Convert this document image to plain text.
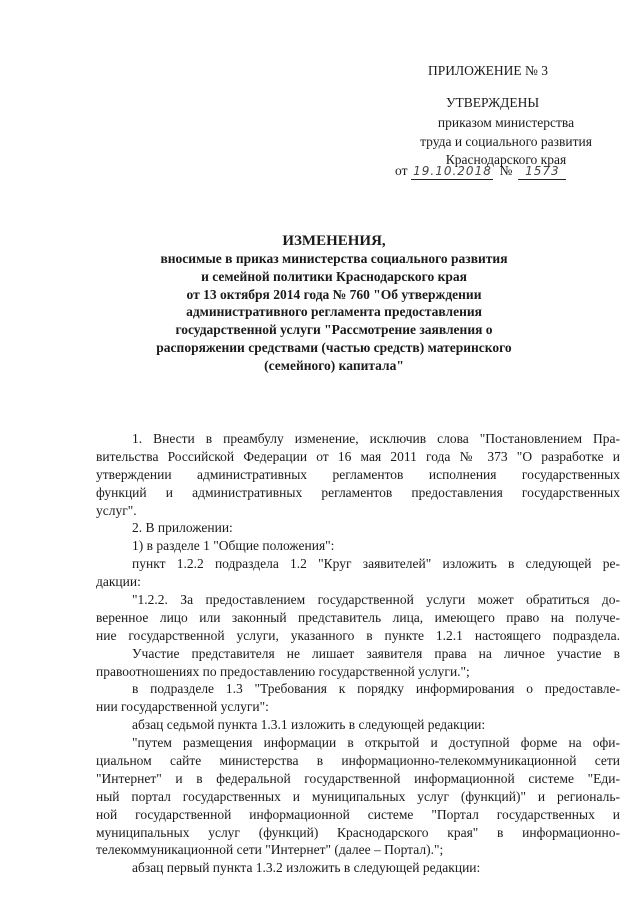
ПРИЛОЖЕНИЕ № 3
УТВЕРЖДЕНЫ
приказом министерства
труда и социального развития
Краснодарского края
от 19.10.2018 №	1573
ИЗМЕНЕНИЯ,
вносимые в приказ министерства социального развития
и семейной политики Краснодарского края
от 13 октября 2014 года № 760 "Об утверждении
административного регламента предоставления
государственной услуги "Рассмотрение заявления о
распоряжении средствами (частью средств) материнского
(семейного) капитала"
1. Внести в преамбулу изменение, исключив слова "Постановлением Пра-
вительства Российской Федерации от 16 мая 2011 года № 373 "О разработке и
утверждении административных регламентов исполнения государственных
функций и административных регламентов предоставления государственных
услуг".
2. В приложении:
1) в разделе 1 "Общие положения":
пункт 1.2.2 подраздела 1.2 "Круг заявителей" изложить в следующей ре-
дакции:
"1.2.2. За предоставлением государственной услуги может обратиться до-
веренное лицо или законный представитель лица, имеющего право на получе-
ние государственной услуги, указанного в пункте 1.2.1 настоящего подраздела.
Участие представителя не лишает заявителя права на личное участие в
правоотношениях по предоставлению государственной услуги.";
в подразделе 1.3 "Требования к порядку информирования о предоставле-
нии государственной услуги":
абзац седьмой пункта 1.3.1 изложить в следующей редакции:
"путем размещения информации в открытой и доступной форме на офи-
циальном сайте министерства в информационно-телекоммуникационной сети
"Интернет" и в федеральной государственной информационной системе "Еди-
ный портал государственных и муниципальных услуг (функций)" и региональ-
ной государственной информационной системе "Портал государственных и
муниципальных услуг (функций) Краснодарского края" в информационно-
телекоммуникационной сети "Интернет" (далее – Портал).";
абзац первый пункта 1.3.2 изложить в следующей редакции:
